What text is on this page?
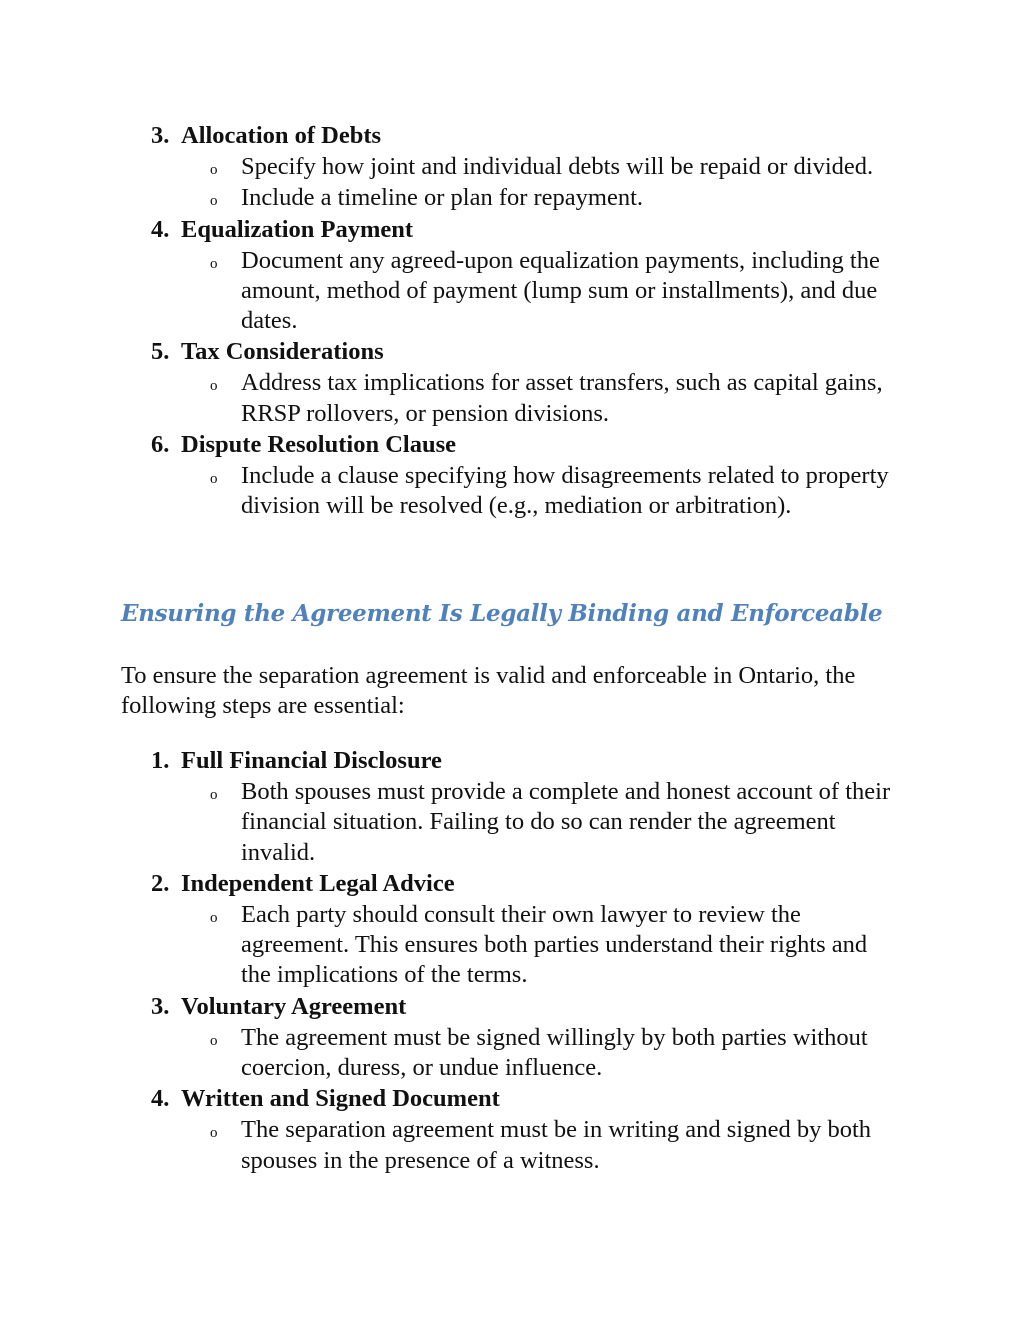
3. Allocation of Debts
o Specify how joint and individual debts will be repaid or divided.
o Include a timeline or plan for repayment.
4. Equalization Payment
o Document any agreed-upon equalization payments, including the amount, method of payment (lump sum or installments), and due dates.
5. Tax Considerations
o Address tax implications for asset transfers, such as capital gains, RRSP rollovers, or pension divisions.
6. Dispute Resolution Clause
o Include a clause specifying how disagreements related to property division will be resolved (e.g., mediation or arbitration).
Ensuring the Agreement Is Legally Binding and Enforceable

To ensure the separation agreement is valid and enforceable in Ontario, the following steps are essential:

1. Full Financial Disclosure
o Both spouses must provide a complete and honest account of their financial situation. Failing to do so can render the agreement invalid.
2. Independent Legal Advice
o Each party should consult their own lawyer to review the agreement. This ensures both parties understand their rights and the implications of the terms.
3. Voluntary Agreement
o The agreement must be signed willingly by both parties without coercion, duress, or undue influence.
4. Written and Signed Document
o The separation agreement must be in writing and signed by both spouses in the presence of a witness.
